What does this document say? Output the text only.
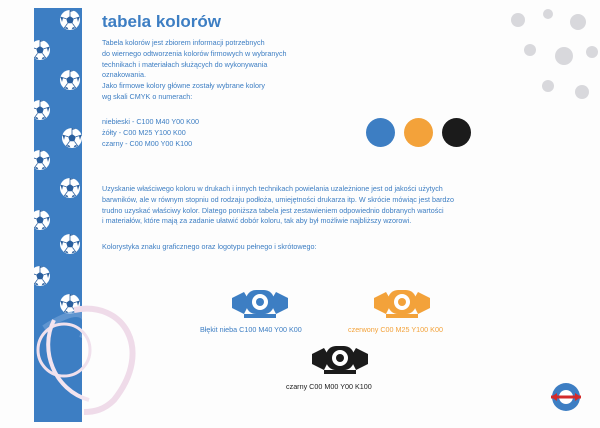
tabela kolorów
Tabela kolorów jest zbiorem informacji potrzebnych
do wiernego odtworzenia kolorów firmowych w wybranych
technikach i materiałach służących do wykonywania
oznakowania.
Jako firmowe kolory główne zostały wybrane kolory
wg skali CMYK o numerach:
niebieski - C100 M40 Y00 K00
żółty - C00 M25 Y100 K00
czarny - C00 M00 Y00 K100
Uzyskanie właściwego koloru w drukach i innych technikach powielania uzależnione jest od jakości użytych
barwników, ale w równym stopniu od rodzaju podłoża, umiejętności drukarza itp. W skrócie mówiąc jest bardzo
trudno uzyskać właściwy kolor. Dlatego poniższa tabela jest zestawieniem odpowiednio dobranych wartości
i materiałów, które mają za zadanie ułatwić dobór koloru, tak aby był możliwie najbliższy wzorowi.
Kolorystyka znaku graficznego oraz logotypu pełnego i skrótowego:
Błękit nieba C100 M40 Y00 K00	czerwony C00 M25 Y100 K00
czarny C00 M00 Y00 K100
